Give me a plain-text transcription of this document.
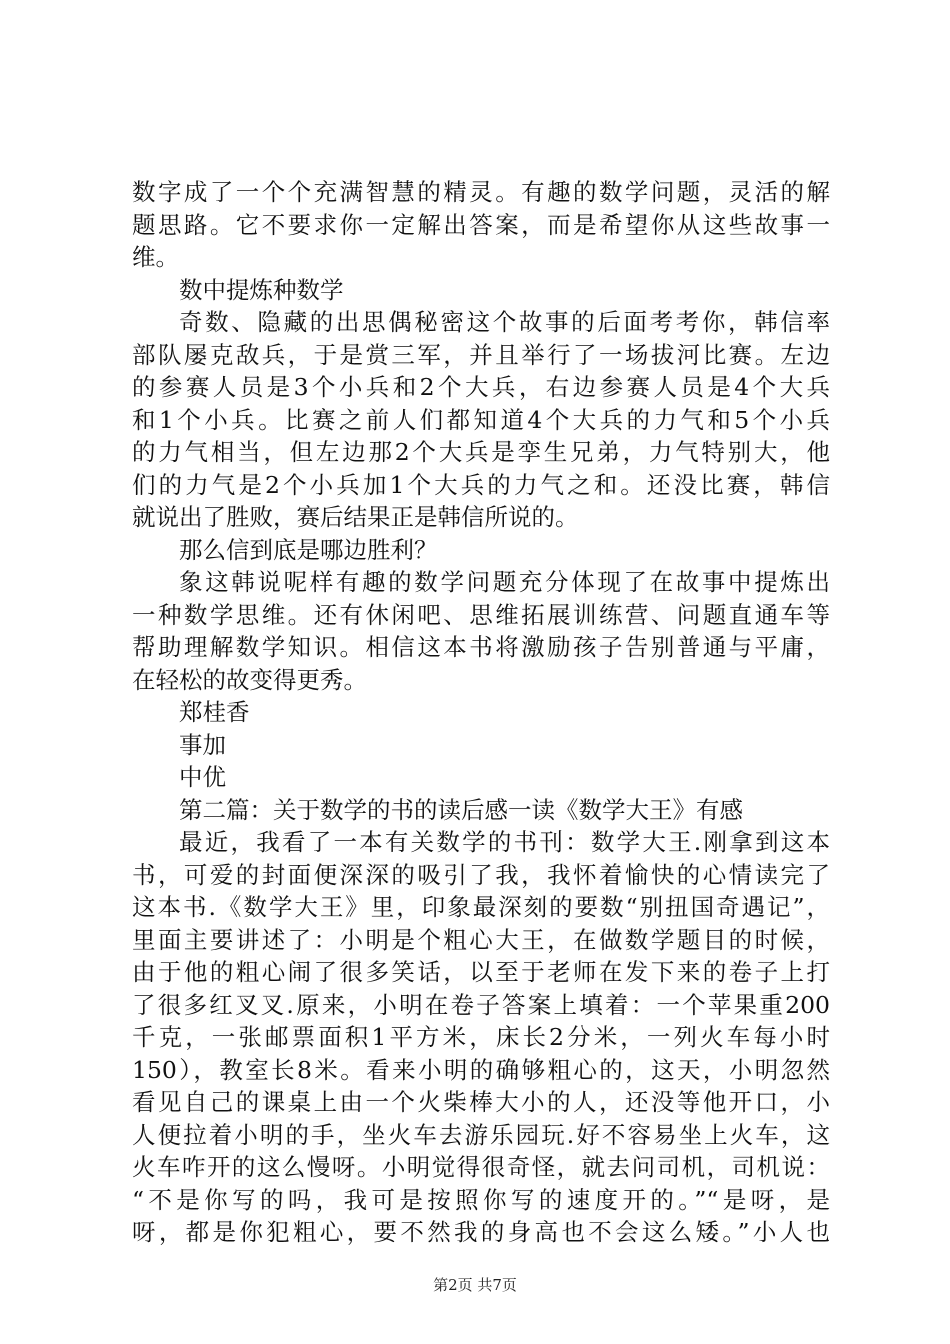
数字成了一个个充满智慧的精灵。有趣的数学问题，灵活的解
题思路。它不要求你一定解出答案，而是希望你从这些故事一
维。
数中提炼种数学
奇数、隐藏的出思偶秘密这个故事的后面考考你，韩信率
部队屡克敌兵，于是赏三军，并且举行了一场拔河比赛。左边
的参赛人员是3个小兵和2个大兵，右边参赛人员是4个大兵
和1个小兵。比赛之前人们都知道4个大兵的力气和5个小兵
的力气相当，但左边那2个大兵是孪生兄弟，力气特别大，他
们的力气是2个小兵加1个大兵的力气之和。还没比赛，韩信
就说出了胜败，赛后结果正是韩信所说的。
那么信到底是哪边胜利？
象这韩说呢样有趣的数学问题充分体现了在故事中提炼出
一种数学思维。还有休闲吧、思维拓展训练营、问题直通车等
帮助理解数学知识。相信这本书将激励孩子告别普通与平庸，
在轻松的故变得更秀。
郑桂香
事加
中优
第二篇：关于数学的书的读后感一读《数学大王》有感
最近，我看了一本有关数学的书刊：数学大王.刚拿到这本
书，可爱的封面便深深的吸引了我，我怀着愉快的心情读完了
这本书.《数学大王》里，印象最深刻的要数“别扭国奇遇记”，
里面主要讲述了：小明是个粗心大王，在做数学题目的时候，
由于他的粗心闹了很多笑话，以至于老师在发下来的卷子上打
了很多红叉叉.原来，小明在卷子答案上填着：一个苹果重200
千克，一张邮票面积1平方米，床长2分米，一列火车每小时
150），教室长8米。看来小明的确够粗心的，这天，小明忽然
看见自己的课桌上由一个火柴棒大小的人，还没等他开口，小
人便拉着小明的手，坐火车去游乐园玩.好不容易坐上火车，这
火车咋开的这么慢呀。小明觉得很奇怪，就去问司机，司机说：
“不是你写的吗，我可是按照你写的速度开的。”“是呀，是
呀，都是你犯粗心，要不然我的身高也不会这么矮。”小人也
第2页 共7页
